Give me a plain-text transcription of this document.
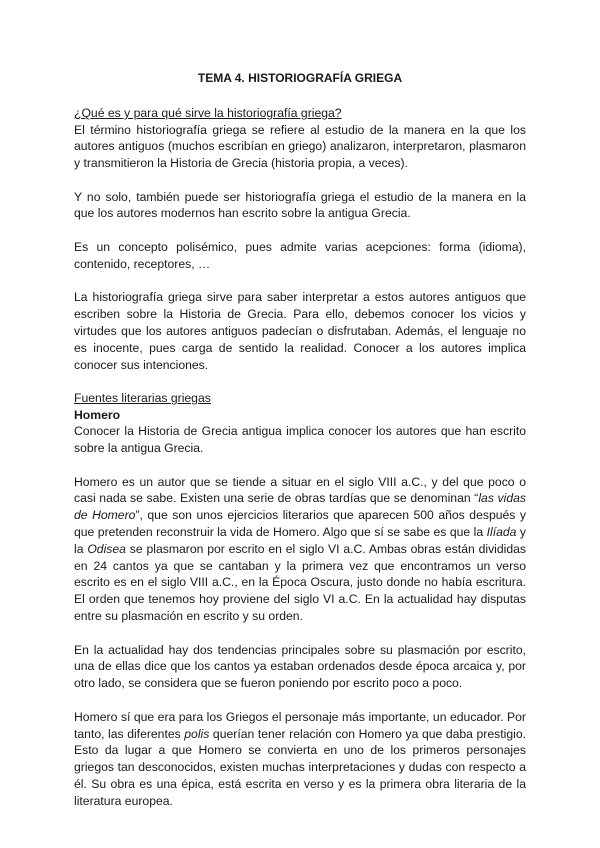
TEMA 4. HISTORIOGRAFÍA GRIEGA
¿Qué es y para qué sirve la historiografía griega?

El término historiografía griega se refiere al estudio de la manera en la que los autores antiguos (muchos escribían en griego) analizaron, interpretaron, plasmaron y transmitieron la Historia de Grecia (historia propia, a veces).

Y no solo, también puede ser historiografía griega el estudio de la manera en la que los autores modernos han escrito sobre la antigua Grecia.

Es un concepto polisémico, pues admite varias acepciones: forma (idioma), contenido, receptores, …

La historiografía griega sirve para saber interpretar a estos autores antiguos que escriben sobre la Historia de Grecia. Para ello, debemos conocer los vicios y virtudes que los autores antiguos padecían o disfrutaban. Además, el lenguaje no es inocente, pues carga de sentido la realidad. Conocer a los autores implica conocer sus intenciones.

Fuentes literarias griegas
Homero

Conocer la Historia de Grecia antigua implica conocer los autores que han escrito sobre la antigua Grecia.

Homero es un autor que se tiende a situar en el siglo VIII a.C., y del que poco o casi nada se sabe. Existen una serie de obras tardías que se denominan “las vidas de Homero”, que son unos ejercicios literarios que aparecen 500 años después y que pretenden reconstruir la vida de Homero. Algo que sí se sabe es que la Ilíada y la Odisea se plasmaron por escrito en el siglo VI a.C. Ambas obras están divididas en 24 cantos ya que se cantaban y la primera vez que encontramos un verso escrito es en el siglo VIII a.C., en la Época Oscura, justo donde no había escritura. El orden que tenemos hoy proviene del siglo VI a.C. En la actualidad hay disputas entre su plasmación en escrito y su orden.

En la actualidad hay dos tendencias principales sobre su plasmación por escrito, una de ellas dice que los cantos ya estaban ordenados desde época arcaica y, por otro lado, se considera que se fueron poniendo por escrito poco a poco.

Homero sí que era para los Griegos el personaje más importante, un educador. Por tanto, las diferentes polis querían tener relación con Homero ya que daba prestigio. Esto da lugar a que Homero se convierta en uno de los primeros personajes griegos tan desconocidos, existen muchas interpretaciones y dudas con respecto a él. Su obra es una épica, está escrita en verso y es la primera obra literaria de la literatura europea.
